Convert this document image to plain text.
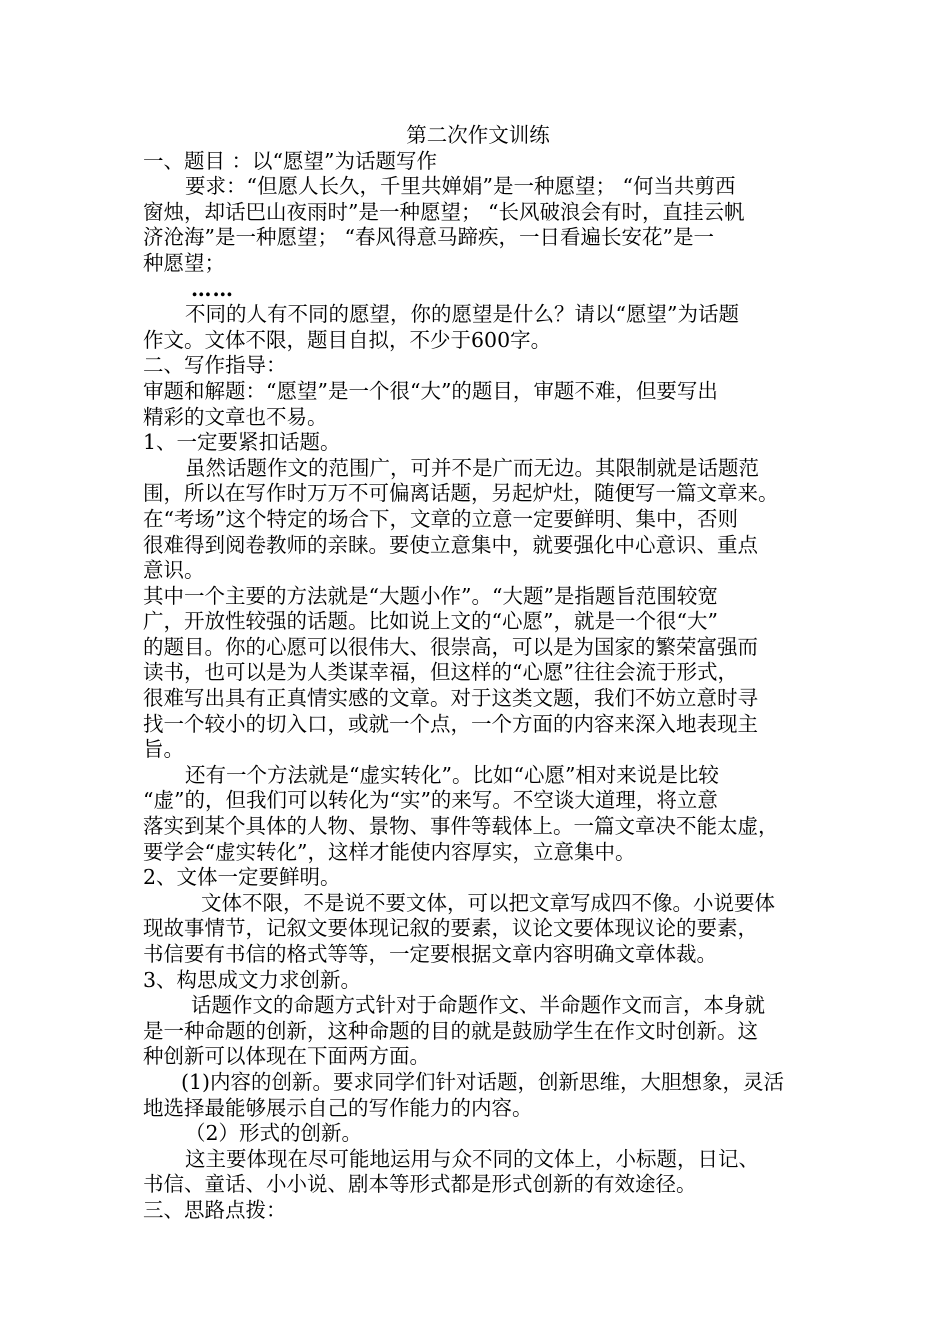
第二次作文训练

一、题目 ：以“愿望”为话题写作

要求：“但愿人长久，千里共婵娟”是一种愿望； “何当共剪西

窗烛，却话巴山夜雨时”是一种愿望； “长风破浪会有时，直挂云帆

济沧海”是一种愿望； “春风得意马蹄疾，一日看遍长安花”是一

种愿望；

……

不同的人有不同的愿望，你的愿望是什么？请以“愿望”为话题

作文。文体不限，题目自拟，不少于600字。

二、写作指导：

审题和解题：“愿望”是一个很“大”的题目，审题不难，但要写出

精彩的文章也不易。

1、一定要紧扣话题。

虽然话题作文的范围广，可并不是广而无边。其限制就是话题范

围，所以在写作时万万不可偏离话题，另起炉灶，随便写一篇文章来。

在“考场”这个特定的场合下，文章的立意一定要鲜明、集中，否则

很难得到阅卷教师的亲睐。要使立意集中，就要强化中心意识、重点

意识。

其中一个主要的方法就是“大题小作”。“大题”是指题旨范围较宽

广，开放性较强的话题。比如说上文的“心愿”，就是一个很“大”

的题目。你的心愿可以很伟大、很崇高，可以是为国家的繁荣富强而

读书，也可以是为人类谋幸福，但这样的“心愿”往往会流于形式，

很难写出具有正真情实感的文章。对于这类文题，我们不妨立意时寻

找一个较小的切入口，或就一个点，一个方面的内容来深入地表现主

旨。

还有一个方法就是“虚实转化”。比如“心愿”相对来说是比较

“虚”的，但我们可以转化为“实”的来写。不空谈大道理，将立意

落实到某个具体的人物、景物、事件等载体上。一篇文章决不能太虚，

要学会“虚实转化”，这样才能使内容厚实，立意集中。

2、文体一定要鲜明。

文体不限，不是说不要文体，可以把文章写成四不像。小说要体

现故事情节，记叙文要体现记叙的要素，议论文要体现议论的要素，

书信要有书信的格式等等，一定要根据文章内容明确文章体裁。

3、构思成文力求创新。

话题作文的命题方式针对于命题作文、半命题作文而言，本身就

是一种命题的创新，这种命题的目的就是鼓励学生在作文时创新。这

种创新可以体现在下面两方面。

(1)内容的创新。要求同学们针对话题，创新思维，大胆想象，灵活

地选择最能够展示自己的写作能力的内容。

（2）形式的创新。

这主要体现在尽可能地运用与众不同的文体上，小标题，日记、

书信、童话、小小说、剧本等形式都是形式创新的有效途径。

三、思路点拨：
